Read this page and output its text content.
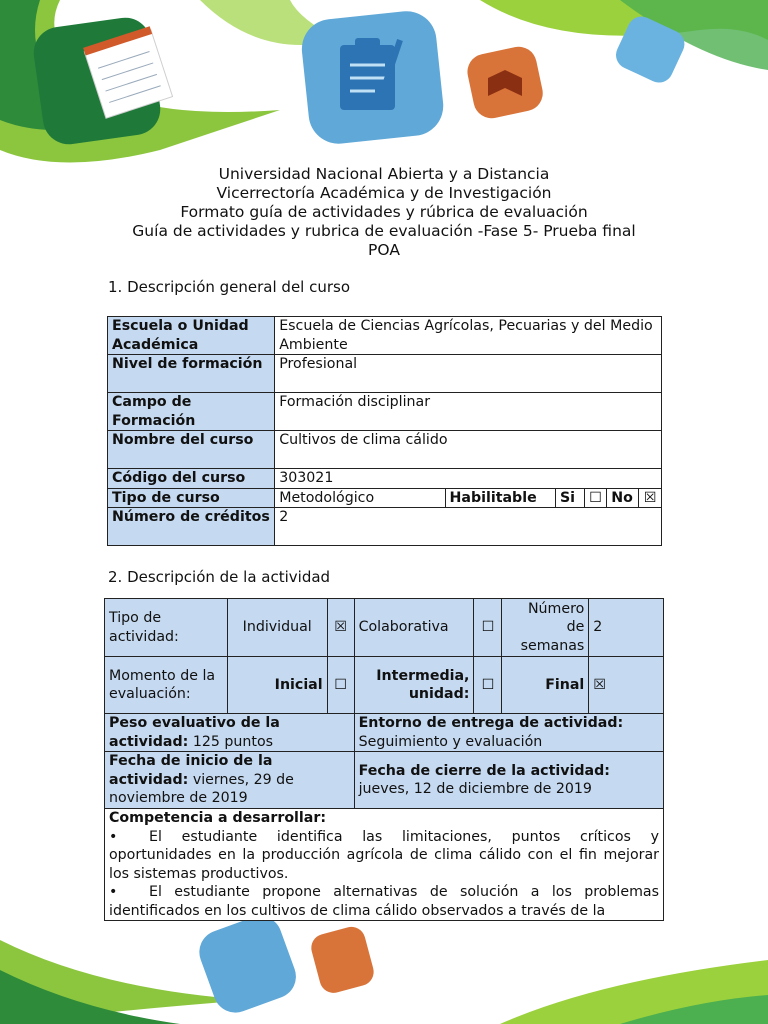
Universidad Nacional Abierta y a Distancia
Vicerrectoría Académica y de Investigación
Formato guía de actividades y rúbrica de evaluación
Guía de actividades y rubrica de evaluación -Fase 5- Prueba final
POA
1. Descripción general del curso
Escuela o Unidad Académica	Escuela de Ciencias Agrícolas, Pecuarias y del Medio Ambiente					
Nivel de formación	Profesional					
Campo de Formación	Formación disciplinar					
Nombre del curso	Cultivos de clima cálido					
Código del curso	303021					
Tipo de curso	Metodológico	Habilitable	Si	☐	No	☒
Número de créditos	2					
2. Descripción de la actividad
Tipo de actividad:	Individual	☒	Colaborativa	☐	Número de semanas	2
Momento de la evaluación:	Inicial	☐	Intermedia, unidad:	☐	Final	☒
Peso evaluativo de la actividad: 125 puntos			Entorno de entrega de actividad:
Seguimiento y evaluación			

Fecha de inicio de la actividad: viernes, 29 de noviembre de 2019			Fecha de cierre de la actividad:
jueves, 12 de diciembre de 2019			

Competencia a desarrollar:
• El estudiante identifica las limitaciones, puntos críticos y oportunidades en la producción agrícola de clima cálido con el fin mejorar los sistemas productivos.
• El estudiante propone alternativas de solución a los problemas identificados en los cultivos de clima cálido observados a través de la						
